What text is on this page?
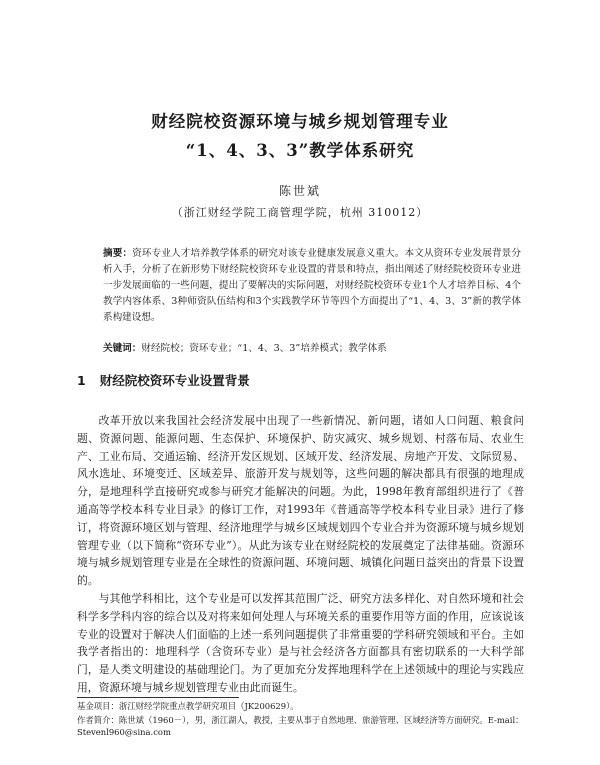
财经院校资源环境与城乡规划管理专业
“1、4、3、3”教学体系研究
陈世斌
（浙江财经学院工商管理学院，杭州 310012）
摘要：资环专业人才培养教学体系的研究对该专业健康发展意义重大。本文从资环专业发展背景分析入手，分析了在新形势下财经院校资环专业设置的背景和特点，指出阐述了财经院校资环专业进一步发展面临的一些问题，提出了要解决的实际问题，对财经院校资环专业1个人才培养目标、4个教学内容体系、3种师资队伍结构和3个实践教学环节等四个方面提出了“1、4、3、3”新的教学体系构建设想。
关键词：财经院校；资环专业；“1、4、3、3”培养模式；教学体系
1 财经院校资环专业设置背景
改革开放以来我国社会经济发展中出现了一些新情况、新问题，诸如人口问题、粮食问题、资源问题、能源问题、生态保护、环境保护、防灾减灾、城乡规划、村落布局、农业生产、工业布局、交通运输、经济开发区规划、区域开发、经济发展、房地产开发、文际贸易、风水选址、环境变迁、区域差异、旅游开发与规划等，这些问题的解决都具有很强的地理成分，是地理科学直接研究或参与研究才能解决的问题。为此，1998年教育部组织进行了《普通高等学校本科专业目录》的修订工作，对1993年《普通高等学校本科专业目录》进行了修订，将资源环境区划与管理、经济地理学与城乡区域规划四个专业合并为资源环境与城乡规划管理专业（以下简称“资环专业”）。从此为该专业在财经院校的发展奠定了法律基础。资源环境与城乡规划管理专业是在全球性的资源问题、环境问题、城镇化问题日益突出的背景下设置的。
与其他学科相比，这个专业是可以发挥其范围广泛、研究方法多样化、对自然环境和社会科学多学科内容的综合以及对将来如何处理人与环境关系的重要作用等方面的作用，应该说该专业的设置对于解决人们面临的上述一系列问题提供了非常重要的学科研究领域和平台。主如我学者指出的：地理科学（含资环专业）是与社会经济各方面都具有密切联系的一大科学部门，是人类文明建设的基础理论门。为了更加充分发挥地理科学在上述领域中的理论与实践应用，资源环境与城乡规划管理专业由此而诞生。
基金项目：浙江财经学院重点教学研究项目（JK200629）。
作者简介：陈世斌（1960－），男，浙江湖人，教授，主要从事于自然地理、旅游管理、区域经济等方面研究。E-mail：Stevenl960@sina.com
